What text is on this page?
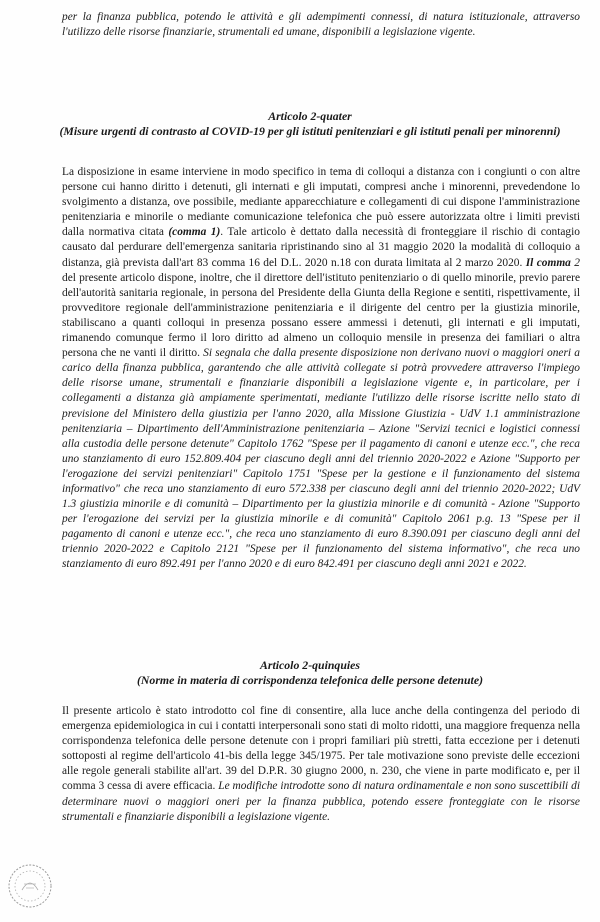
per la finanza pubblica, potendo le attività e gli adempimenti connessi, di natura istituzionale, attraverso l'utilizzo delle risorse finanziarie, strumentali ed umane, disponibili a legislazione vigente.
Articolo 2-quater
(Misure urgenti di contrasto al COVID-19 per gli istituti penitenziari e gli istituti penali per minorenni)
La disposizione in esame interviene in modo specifico in tema di colloqui a distanza con i congiunti o con altre persone cui hanno diritto i detenuti, gli internati e gli imputati, compresi anche i minorenni, prevedendone lo svolgimento a distanza, ove possibile, mediante apparecchiature e collegamenti di cui dispone l'amministrazione penitenziaria e minorile o mediante comunicazione telefonica che può essere autorizzata oltre i limiti previsti dalla normativa citata (comma 1). Tale articolo è dettato dalla necessità di fronteggiare il rischio di contagio causato dal perdurare dell'emergenza sanitaria ripristinando sino al 31 maggio 2020 la modalità di colloquio a distanza, già prevista dall'art 83 comma 16 del D.L. 2020 n.18 con durata limitata al 2 marzo 2020. Il comma 2 del presente articolo dispone, inoltre, che il direttore dell'istituto penitenziario o di quello minorile, previo parere dell'autorità sanitaria regionale, in persona del Presidente della Giunta della Regione e sentiti, rispettivamente, il provveditore regionale dell'amministrazione penitenziaria e il dirigente del centro per la giustizia minorile, stabiliscano a quanti colloqui in presenza possano essere ammessi i detenuti, gli internati e gli imputati, rimanendo comunque fermo il loro diritto ad almeno un colloquio mensile in presenza dei familiari o altra persona che ne vanti il diritto. Si segnala che dalla presente disposizione non derivano nuovi o maggiori oneri a carico della finanza pubblica, garantendo che alle attività collegate si potrà provvedere attraverso l'impiego delle risorse umane, strumentali e finanziarie disponibili a legislazione vigente e, in particolare, per i collegamenti a distanza già ampiamente sperimentati, mediante l'utilizzo delle risorse iscritte nello stato di previsione del Ministero della giustizia per l'anno 2020, alla Missione Giustizia - UdV 1.1 amministrazione penitenziaria – Dipartimento dell'Amministrazione penitenziaria – Azione "Servizi tecnici e logistici connessi alla custodia delle persone detenute" Capitolo 1762 "Spese per il pagamento di canoni e utenze ecc.", che reca uno stanziamento di euro 152.809.404 per ciascuno degli anni del triennio 2020-2022 e Azione "Supporto per l'erogazione dei servizi penitenziari" Capitolo 1751 "Spese per la gestione e il funzionamento del sistema informativo" che reca uno stanziamento di euro 572.338 per ciascuno degli anni del triennio 2020-2022; UdV 1.3 giustizia minorile e di comunità – Dipartimento per la giustizia minorile e di comunità - Azione "Supporto per l'erogazione dei servizi per la giustizia minorile e di comunità" Capitolo 2061 p.g. 13 "Spese per il pagamento di canoni e utenze ecc.", che reca uno stanziamento di euro 8.390.091 per ciascuno degli anni del triennio 2020-2022 e Capitolo 2121 "Spese per il funzionamento del sistema informativo", che reca uno stanziamento di euro 892.491 per l'anno 2020 e di euro 842.491 per ciascuno degli anni 2021 e 2022.
Articolo 2-quinquies
(Norme in materia di corrispondenza telefonica delle persone detenute)
Il presente articolo è stato introdotto col fine di consentire, alla luce anche della contingenza del periodo di emergenza epidemiologica in cui i contatti interpersonali sono stati di molto ridotti, una maggiore frequenza nella corrispondenza telefonica delle persone detenute con i propri familiari più stretti, fatta eccezione per i detenuti sottoposti al regime dell'articolo 41-bis della legge 345/1975. Per tale motivazione sono previste delle eccezioni alle regole generali stabilite all'art. 39 del D.P.R. 30 giugno 2000, n. 230, che viene in parte modificato e, per il comma 3 cessa di avere efficacia. Le modifiche introdotte sono di natura ordinamentale e non sono suscettibili di determinare nuovi o maggiori oneri per la finanza pubblica, potendo essere fronteggiate con le risorse strumentali e finanziarie disponibili a legislazione vigente.
